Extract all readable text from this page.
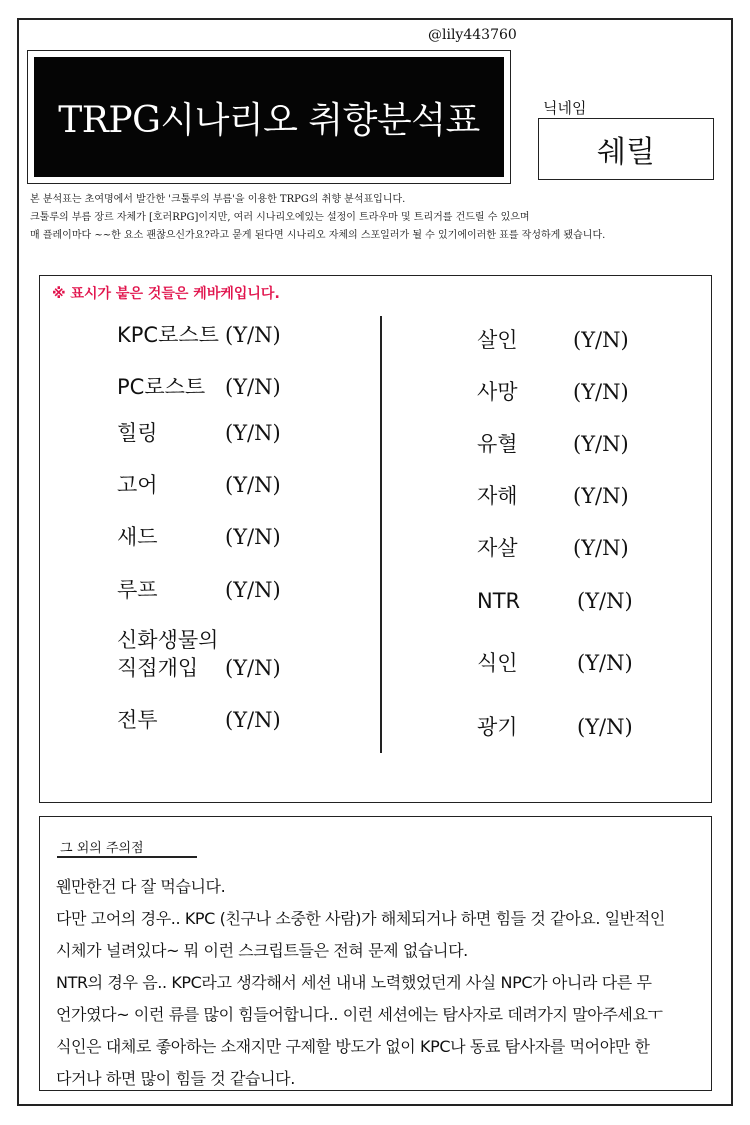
@lily443760
TRPG시나리오 취향분석표	닉네임
쉐릴
본 분석표는 초여명에서 발간한 '크툴루의 부름'을 이용한 TRPG의 취향 분석표입니다.
크툴루의 부름 장르 자체가 [호러RPG]이지만, 여러 시나리오에있는 설정이 트라우마 및 트리거를 건드릴 수 있으며
매 플레이마다 ~~한 요소 괜찮으신가요?라고 묻게 된다면 시나리오 자체의 스포일러가 될 수 있기에이러한 표를 작성하게 됐습니다.
※ 표시가 붙은 것들은 케바케입니다.
KPC로스트 (Y/N)
PC로스트 (Y/N)
힐링	(Y/N)
고어	(Y/N)
새드	(Y/N)
루프	(Y/N)
신화생물의
직접개입	(Y/N)
전투	(Y/N)
살인	(Y/N)
사망	(Y/N)
유혈	(Y/N)
자해	(Y/N)
자살	(Y/N)
NTR	(Y/N)
식인	(Y/N)
광기	(Y/N)
그 외의 주의점
웬만한건 다 잘 먹습니다.
다만 고어의 경우.. KPC (친구나 소중한 사람)가 해체되거나 하면 힘들 것 같아요. 일반적인
시체가 널려있다~ 뭐 이런 스크립트들은 전혀 문제 없습니다.
NTR의 경우 음.. KPC라고 생각해서 세션 내내 노력했었던게 사실 NPC가 아니라 다른 무
언가였다~ 이런 류를 많이 힘들어합니다.. 이런 세션에는 탐사자로 데려가지 말아주세요ㅜ
식인은 대체로 좋아하는 소재지만 구제할 방도가 없이 KPC나 동료 탐사자를 먹어야만 한
다거나 하면 많이 힘들 것 같습니다.
